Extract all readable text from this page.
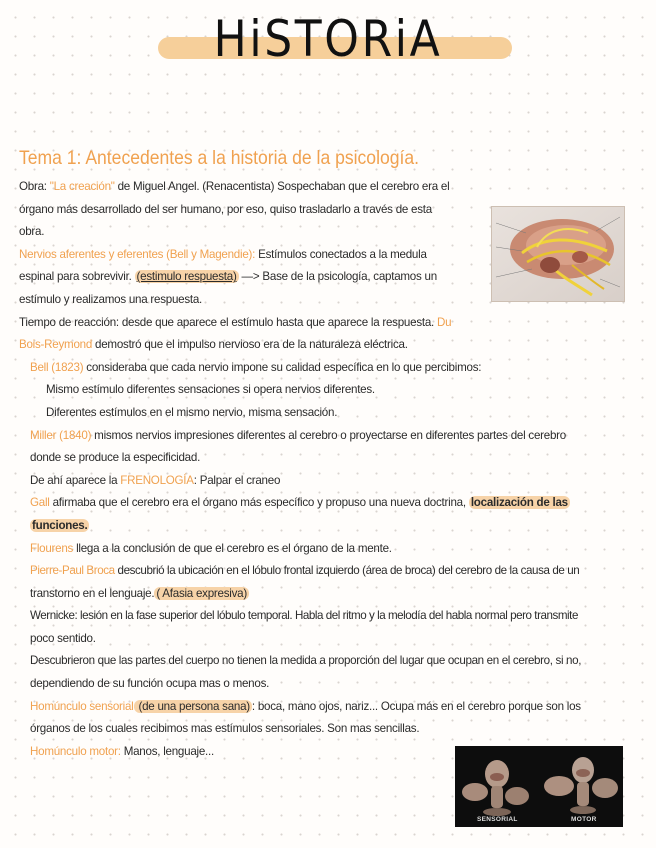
HiSTORiA
Tema 1: Antecedentes a la historia de la psicología.

Obra: "La creación" de Miguel Angel. (Renacentista) Sospechaban que el cerebro era el

órgano más desarrollado del ser humano, por eso, quiso trasladarlo a través de esta

obra.

Nervios aferentes y eferentes (Bell y Magendie): Estímulos conectados a la medula

espinal para sobrevivir. (estimulo respuesta) —> Base de la psicología, captamos un

estímulo y realizamos una respuesta.

Tiempo de reacción: desde que aparece el estímulo hasta que aparece la respuesta. Du

Bois-Reymond demostró que el impulso nervioso era de la naturaleza eléctrica.

Bell (1823) consideraba que cada nervio impone su calidad específica en lo que percibimos:

Mismo estímulo diferentes sensaciones si opera nervios diferentes.

Diferentes estímulos en el mismo nervio, misma sensación.

Miller (1840) mismos nervios impresiones diferentes al cerebro o proyectarse en diferentes partes del cerebro

donde se produce la especificidad.

De ahí aparece la FRENOLOGÍA: Palpar el craneo

Gall afirmaba que el cerebro era el órgano más específico y propuso una nueva doctrina, localización de las

funciones.

Flourens llega a la conclusión de que el cerebro es el órgano de la mente.

Pierre-Paul Broca descubrió la ubicación en el lóbulo frontal izquierdo (área de broca) del cerebro de la causa de un

transtorno en el lenguaje. ( Afasia expresiva)

Wernicke: lesión en la fase superior del lóbulo temporal. Habla del ritmo y la melodía del habla normal pero transmite

poco sentido.

Descubrieron que las partes del cuerpo no tienen la medida a proporción del lugar que ocupan en el cerebro, si no,

dependiendo de su función ocupa mas o menos.

Homúnculo sensorial (de una persona sana) : boca, mano ojos, nariz... Ocupa más en el cerebro porque son los

órganos de los cuales recibimos mas estímulos sensoriales. Son mas sencillas.

Homúnculo motor: Manos, lenguaje...

SENSORIAL	MOTOR
